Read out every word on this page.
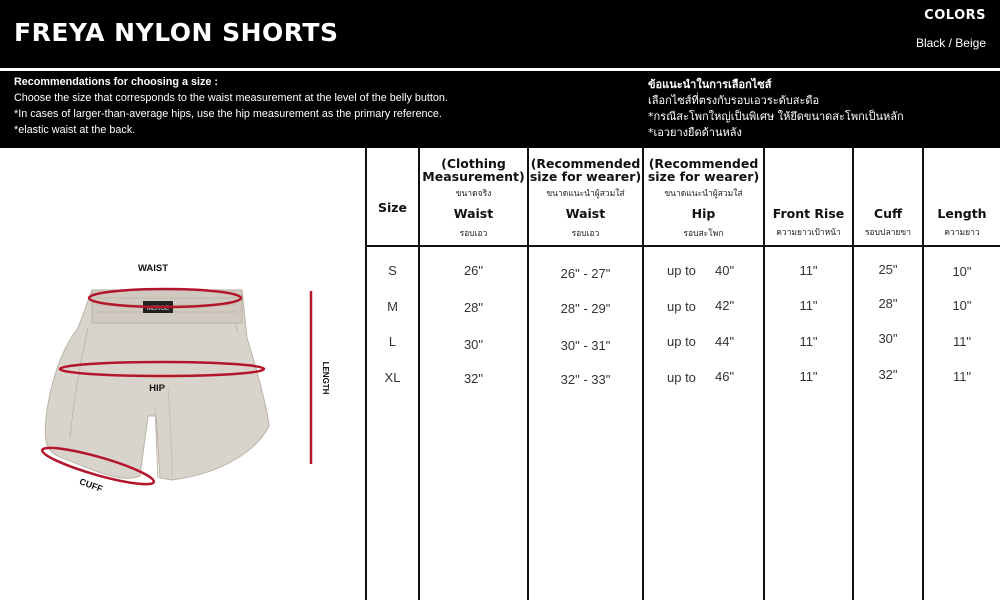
FREYA NYLON SHORTS
COLORS
Black / Beige
Recommendations for choosing a size :
Choose the size that corresponds to the waist measurement at the level of the belly button.
*In cases of larger-than-average hips, use the hip measurement as the primary reference.
*elastic waist at the back.
ข้อแนะนำในการเลือกไซส์
เลือกไซส์ที่ตรงกับรอบเอวระดับสะดือ
*กรณีสะโพกใหญ่เป็นพิเศษ ให้ยึดขนาดสะโพกเป็นหลัก
*เอวยางยืดด้านหลัง
WAIST
MERGE
HIP
CUFF
LENGTH
Size
(Clothing Measurement)
ขนาดจริง
Waist
รอบเอว
(Recommended size for wearer)
ขนาดแนะนำผู้สวมใส่
Waist
รอบเอว
(Recommended size for wearer)
ขนาดแนะนำผู้สวมใส่
Hip
รอบสะโพก
Front Rise
ความยาวเป้าหน้า
Cuff
รอบปลายขา
Length
ความยาว
S	26"	26" - 27"	up to 40"	11"	25"	10"
M	28"	28" - 29"	up to 42"	11"	28"	10"
L	30"	30" - 31"	up to 44"	11"	30"	11"
XL	32"	32" - 33"	up to 46"	11"	32"	11"
